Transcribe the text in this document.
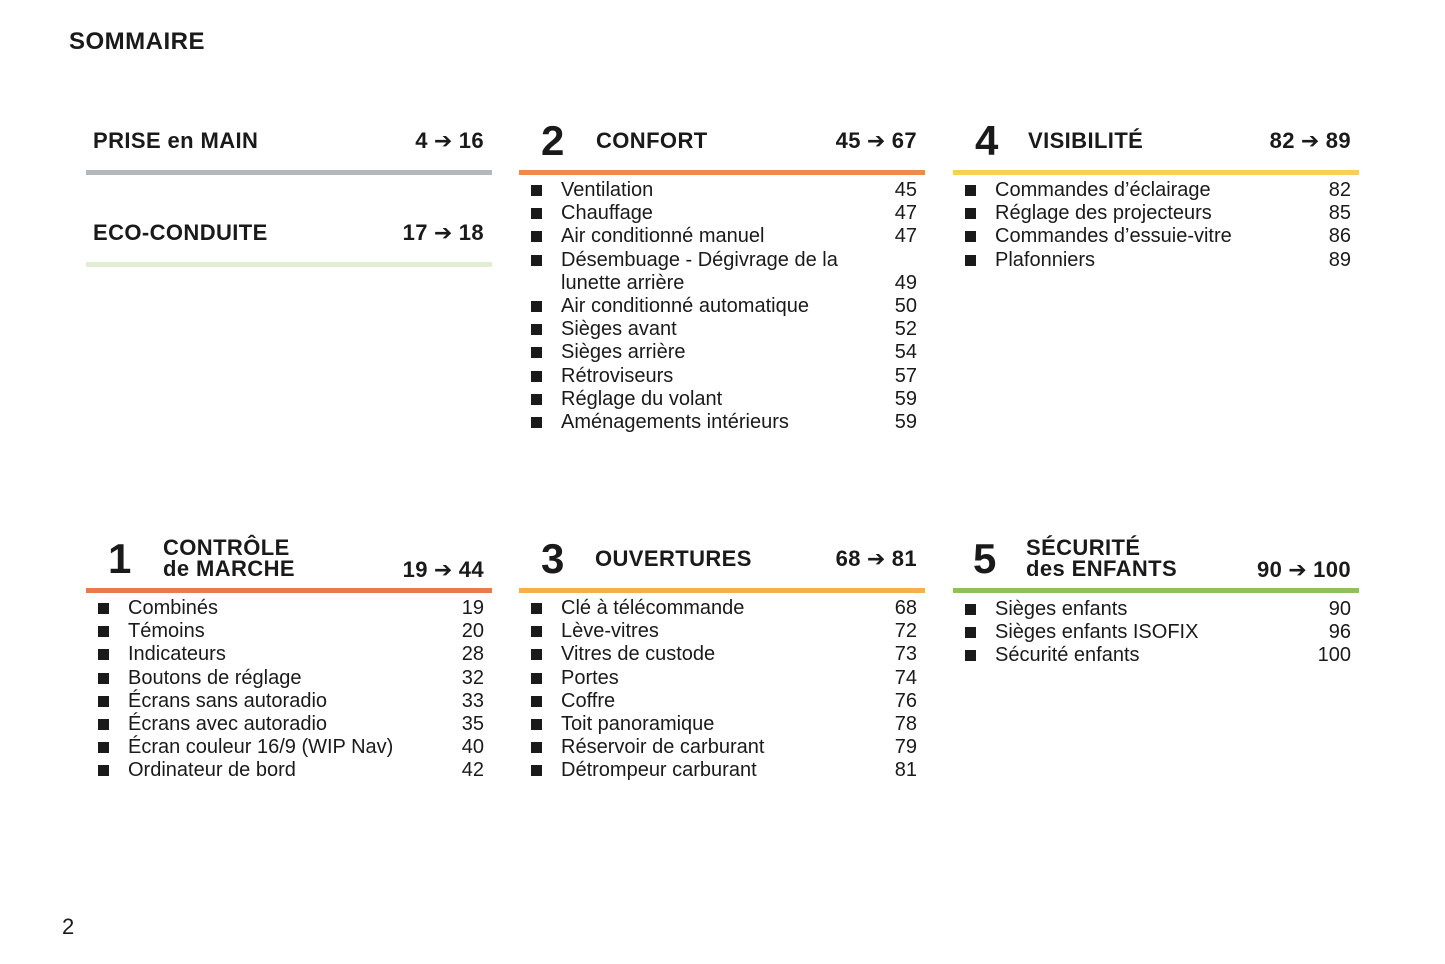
SOMMAIRE
PRISE en MAIN	4 ➔ 16
ECO-CONDUITE	17 ➔ 18
2 CONFORT	45 ➔ 67
Ventilation	45
Chauffage	47
Air conditionné manuel	47
Désembuage - Dégivrage de la lunette arrière	49
Air conditionné automatique	50
Sièges avant	52
Sièges arrière	54
Rétroviseurs	57
Réglage du volant	59
Aménagements intérieurs	59
4 VISIBILITÉ	82 ➔ 89
Commandes d’éclairage	82
Réglage des projecteurs	85
Commandes d’essuie-vitre	86
Plafonniers	89
1 CONTRÔLE
de MARCHE	19 ➔ 44
Combinés	19
Témoins	20
Indicateurs	28
Boutons de réglage	32
Écrans sans autoradio	33
Écrans avec autoradio	35
Écran couleur 16/9 (WIP Nav)	40
Ordinateur de bord	42
3 OUVERTURES	68 ➔ 81
Clé à télécommande	68
Lève-vitres	72
Vitres de custode	73
Portes	74
Coffre	76
Toit panoramique	78
Réservoir de carburant	79
Détrompeur carburant	81
5 SÉCURITÉ
des ENFANTS	90 ➔ 100
Sièges enfants	90
Sièges enfants ISOFIX	96
Sécurité enfants	100
2
